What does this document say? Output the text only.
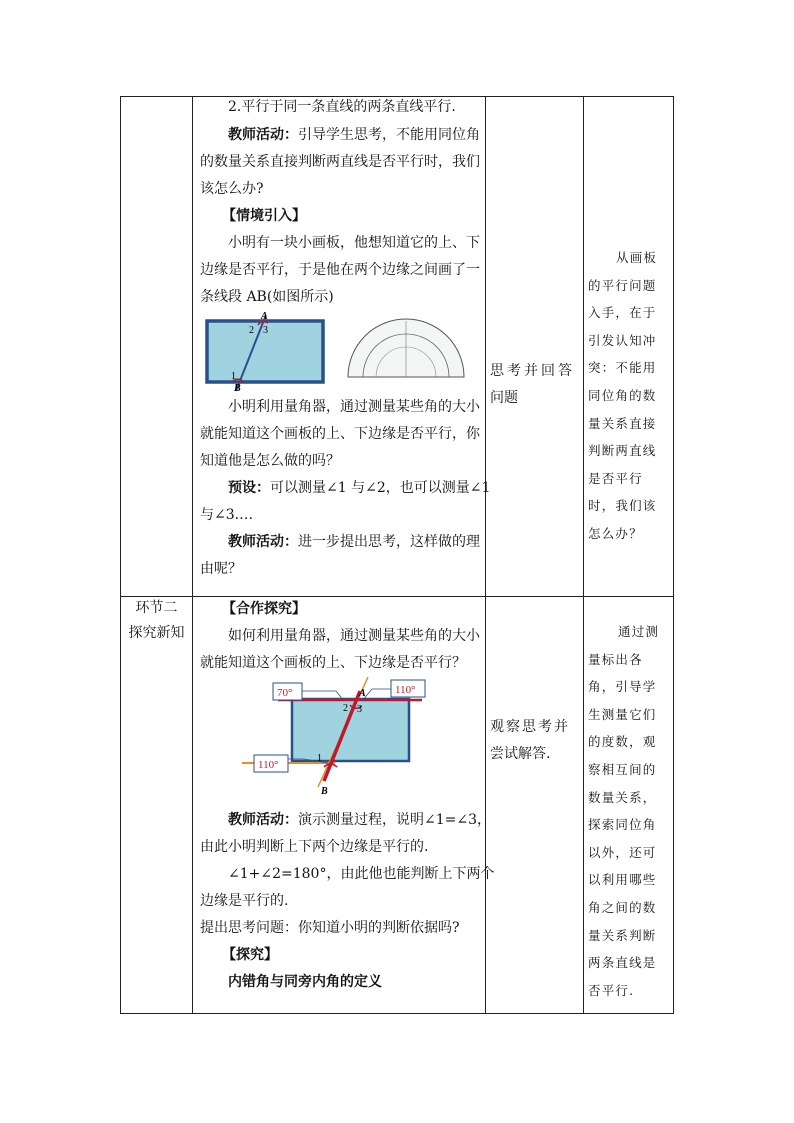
2.平行于同一条直线的两条直线平行.
教师活动：引导学生思考，不能用同位角
的数量关系直接判断两直线是否平行时，我们
该怎么办?
【情境引入】
小明有一块小画板，他想知道它的上、下
边缘是否平行，于是他在两个边缘之间画了一
条线段 AB(如图所示)
A
B
2 3
1
小明利用量角器，通过测量某些角的大小
就能知道这个画板的上、下边缘是否平行，你
知道他是怎么做的吗？
预设：可以测量∠1 与∠2，也可以测量∠1
与∠3.…
教师活动：进一步提出思考，这样做的理
由呢？
思考并回答
问题
从画板
的平行问题
入手，在于
引发认知冲
突：不能用
同位角的数
量关系直接
判断两直线
是否平行
时，我们该
怎么办？
环节二
探究新知
【合作探究】
如何利用量角器，通过测量某些角的大小
就能知道这个画板的上、下边缘是否平行？
70°	110°
110°
A
B
2 3
1
教师活动：演示测量过程，说明∠1=∠3，
由此小明判断上下两个边缘是平行的.
∠1+∠2=180°，由此他也能判断上下两个
边缘是平行的.
提出思考问题：你知道小明的判断依据吗?
【探究】
内错角与同旁内角的定义
观察思考并
尝试解答.
通过测
量标出各
角，引导学
生测量它们
的度数，观
察相互间的
数量关系，
探索同位角
以外，还可
以利用哪些
角之间的数
量关系判断
两条直线是
否平行.
